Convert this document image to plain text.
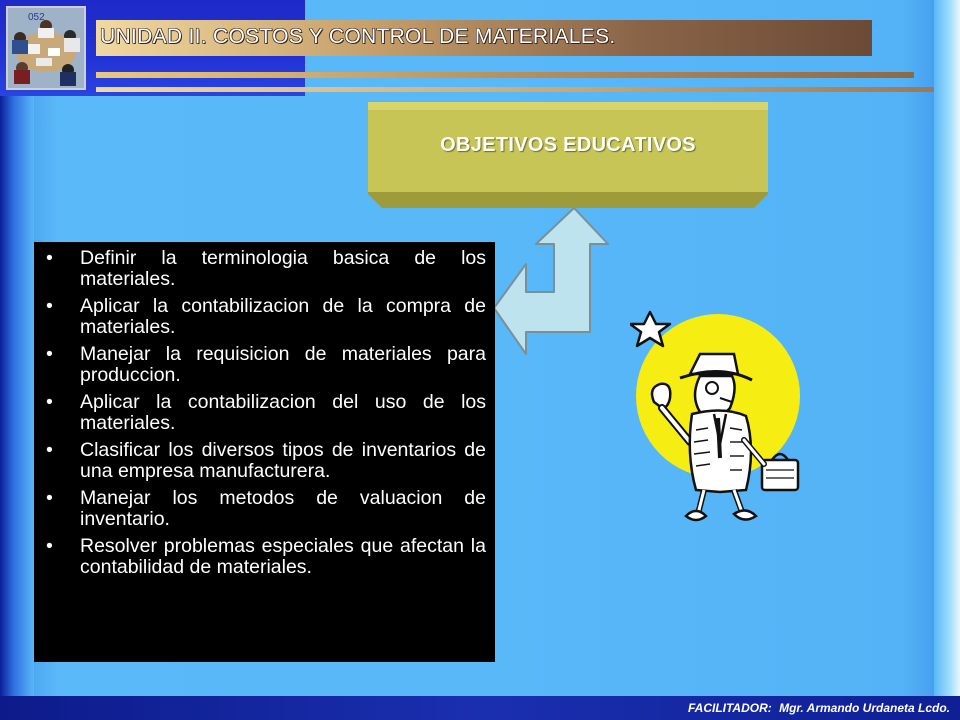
052
UNIDAD II. COSTOS Y CONTROL DE MATERIALES.
OBJETIVOS EDUCATIVOS
• Definir la terminologia basica de los materiales.
• Aplicar la contabilizacion de la compra de materiales.
• Manejar la requisicion de materiales para produccion.
• Aplicar la contabilizacion del uso de los materiales.
• Clasificar los diversos tipos de inventarios de una empresa manufacturera.
• Manejar los metodos de valuacion de inventario.
• Resolver problemas especiales que afectan la contabilidad de materiales.
FACILITADOR: Mgr. Armando Urdaneta Lcdo.
